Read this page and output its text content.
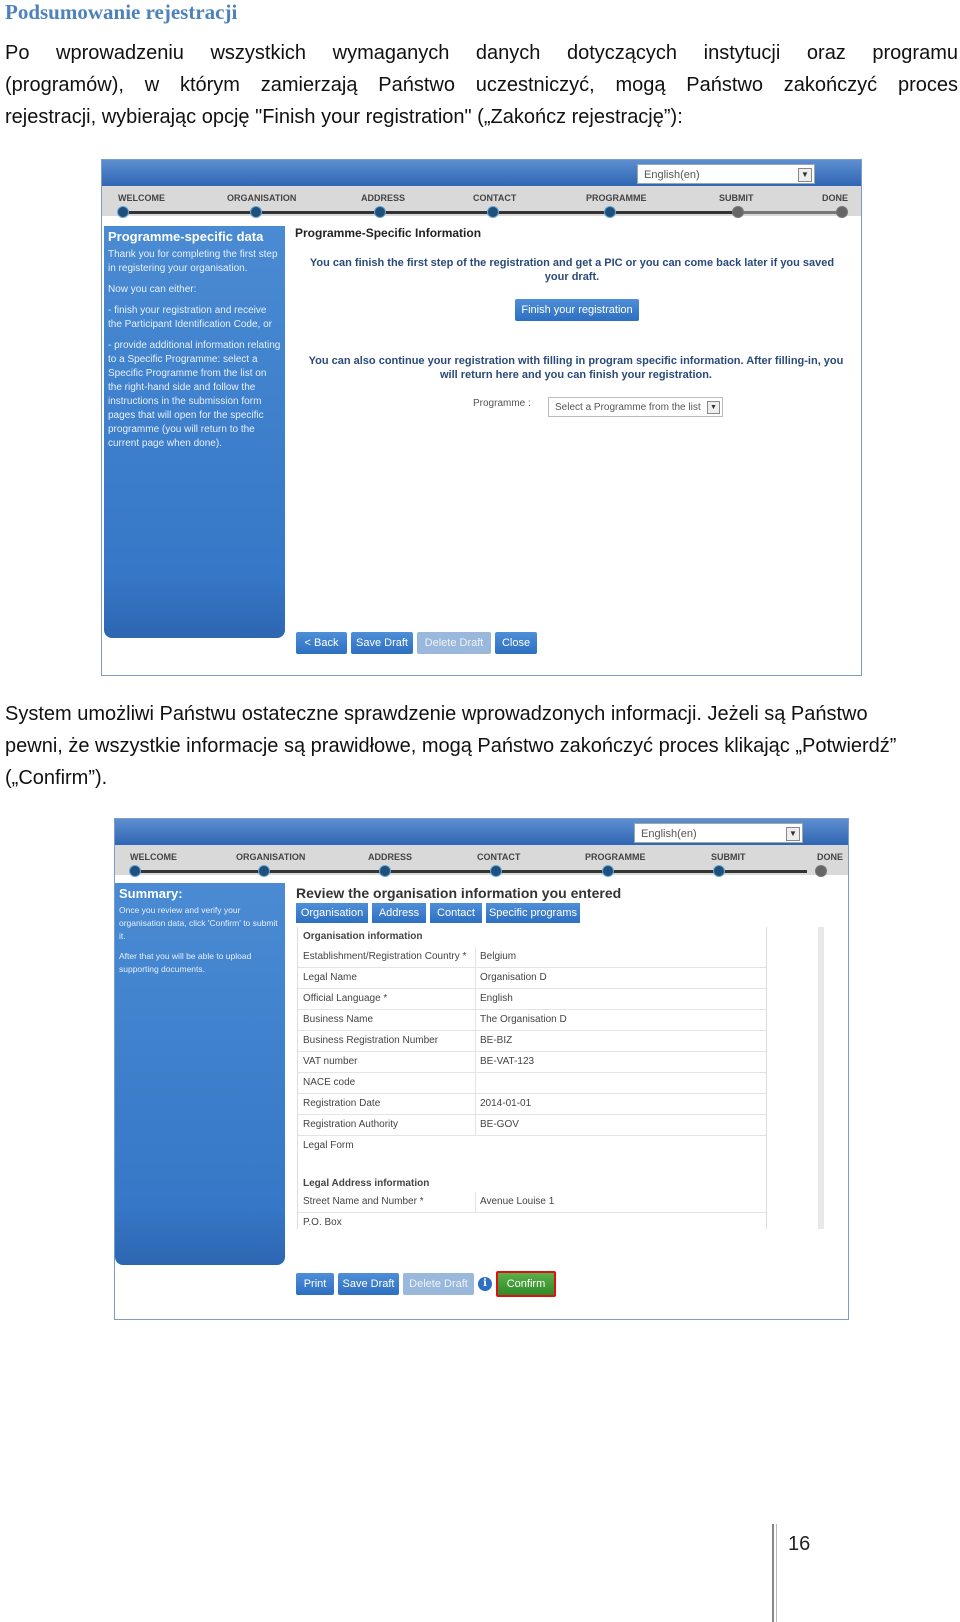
Podsumowanie rejestracji
Po wprowadzeniu wszystkich wymaganych danych dotyczących instytucji oraz programu
(programów), w którym zamierzają Państwo uczestniczyć, mogą Państwo zakończyć proces
rejestracji, wybierając opcję "Finish your registration" („Zakończ rejestrację”):
English(en)	▼
WELCOME	ORGANISATION	ADDRESS	CONTACT	PROGRAMME	SUBMIT	DONE
Programme-specific data

Thank you for completing the first step in registering your organisation.

Now you can either:

- finish your registration and receive the Participant Identification Code, or

- provide additional information relating to a Specific Programme: select a Specific Programme from the list on the right-hand side and follow the instructions in the submission form pages that will open for the specific programme (you will return to the current page when done).

Programme-Specific Information
You can finish the first step of the registration and get a PIC or you can come back later if you saved your draft.
Finish your registration
You can also continue your registration with filling in program specific information. After filling-in, you will return here and you can finish your registration.
Programme :	Select a Programme from the list	▼
< Back	Save Draft	Delete Draft	Close
System umożliwi Państwu ostateczne sprawdzenie wprowadzonych informacji. Jeżeli są Państwo
pewni, że wszystkie informacje są prawidłowe, mogą Państwo zakończyć proces klikając „Potwierdź”
(„Confirm”).
English(en)	▼
WELCOME	ORGANISATION	ADDRESS	CONTACT	PROGRAMME	SUBMIT	DONE
Summary:

Once you review and verify your organisation data, click 'Confirm' to submit it.

After that you will be able to upload supporting documents.

Review the organisation information you entered
Organisation	Address	Contact	Specific programs
Organisation information
Establishment/Registration Country *	Belgium
Legal Name	Organisation D
Official Language *	English
Business Name	The Organisation D
Business Registration Number	BE-BIZ
VAT number	BE-VAT-123
NACE code
Registration Date	2014-01-01
Registration Authority	BE-GOV
Legal Form
Legal Address information
Street Name and Number *	Avenue Louise 1
P.O. Box
Print	Save Draft	Delete Draft	i	Confirm
16
